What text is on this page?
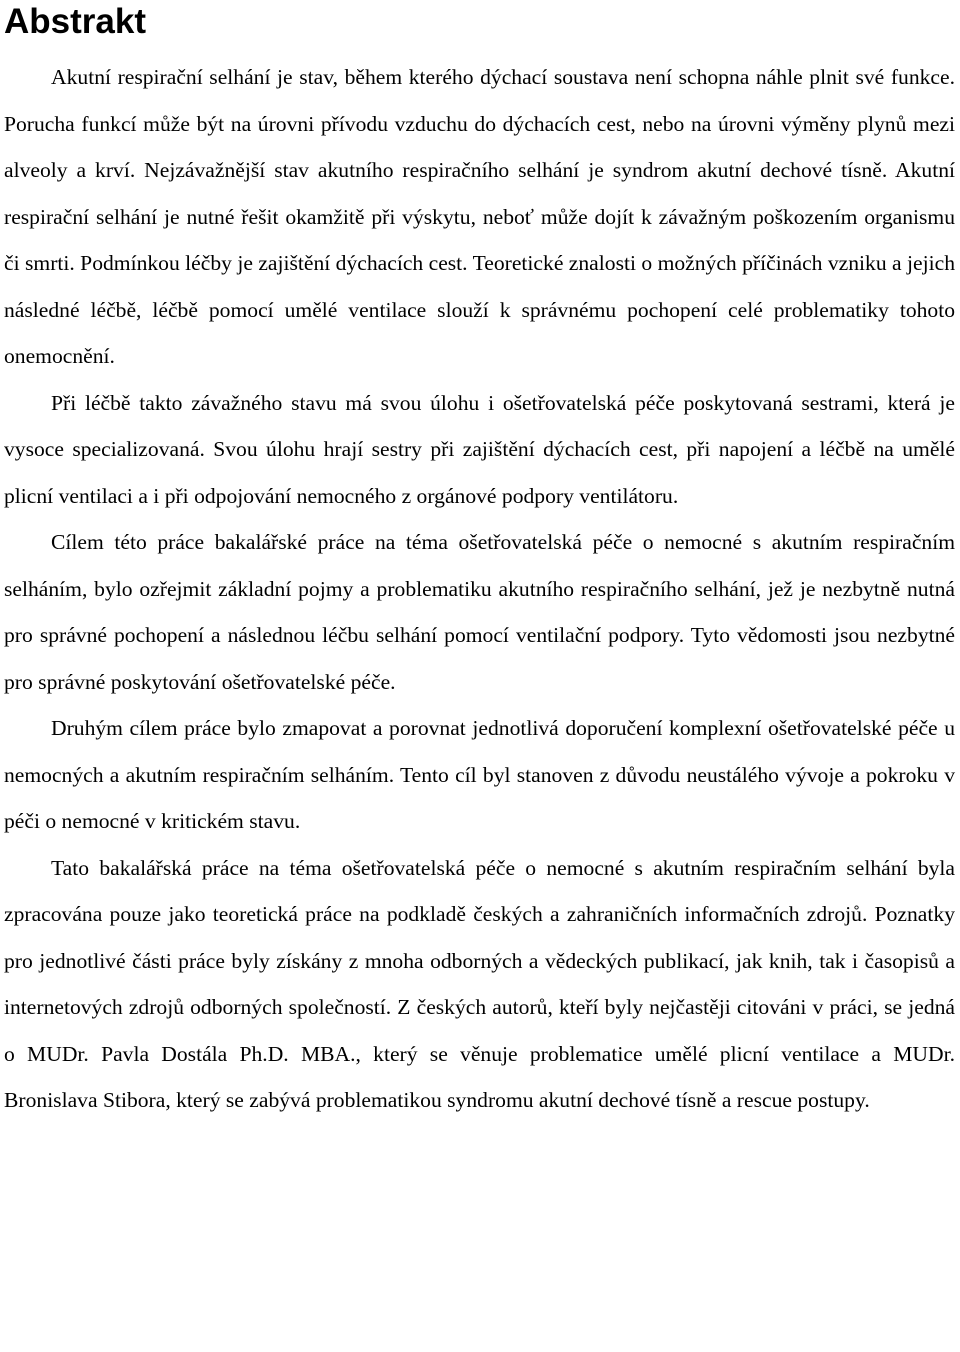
Abstrakt

Akutní respirační selhání je stav, během kterého dýchací soustava není schopna náhle plnit své funkce. Porucha funkcí může být na úrovni přívodu vzduchu do dýchacích cest, nebo na úrovni výměny plynů mezi alveoly a krví. Nejzávažnější stav akutního respiračního selhání je syndrom akutní dechové tísně. Akutní respirační selhání je nutné řešit okamžitě při výskytu, neboť může dojít k závažným poškozením organismu či smrti. Podmínkou léčby je zajištění dýchacích cest. Teoretické znalosti o možných příčinách vzniku a jejich následné léčbě, léčbě pomocí umělé ventilace slouží k správnému pochopení celé problematiky tohoto onemocnění.

Při léčbě takto závažného stavu má svou úlohu i ošetřovatelská péče poskytovaná sestrami, která je vysoce specializovaná. Svou úlohu hrají sestry při zajištění dýchacích cest, při napojení a léčbě na umělé plicní ventilaci a i při odpojování nemocného z orgánové podpory ventilátoru.

Cílem této práce bakalářské práce na téma ošetřovatelská péče o nemocné s akutním respiračním selháním, bylo ozřejmit základní pojmy a problematiku akutního respiračního selhání, jež je nezbytně nutná pro správné pochopení a následnou léčbu selhání pomocí ventilační podpory. Tyto vědomosti jsou nezbytné pro správné poskytování ošetřovatelské péče.

Druhým cílem práce bylo zmapovat a porovnat jednotlivá doporučení komplexní ošetřovatelské péče u nemocných a akutním respiračním selháním. Tento cíl byl stanoven z důvodu neustálého vývoje a pokroku v péči o nemocné v kritickém stavu.

Tato bakalářská práce na téma ošetřovatelská péče o nemocné s akutním respiračním selhání byla zpracována pouze jako teoretická práce na podkladě českých a zahraničních informačních zdrojů. Poznatky pro jednotlivé části práce byly získány z mnoha odborných a vědeckých publikací, jak knih, tak i časopisů a internetových zdrojů odborných společností. Z českých autorů, kteří byly nejčastěji citováni v práci, se jedná o MUDr. Pavla Dostála Ph.D. MBA., který se věnuje problematice umělé plicní ventilace a MUDr. Bronislava Stibora, který se zabývá problematikou syndromu akutní dechové tísně a rescue postupy.
